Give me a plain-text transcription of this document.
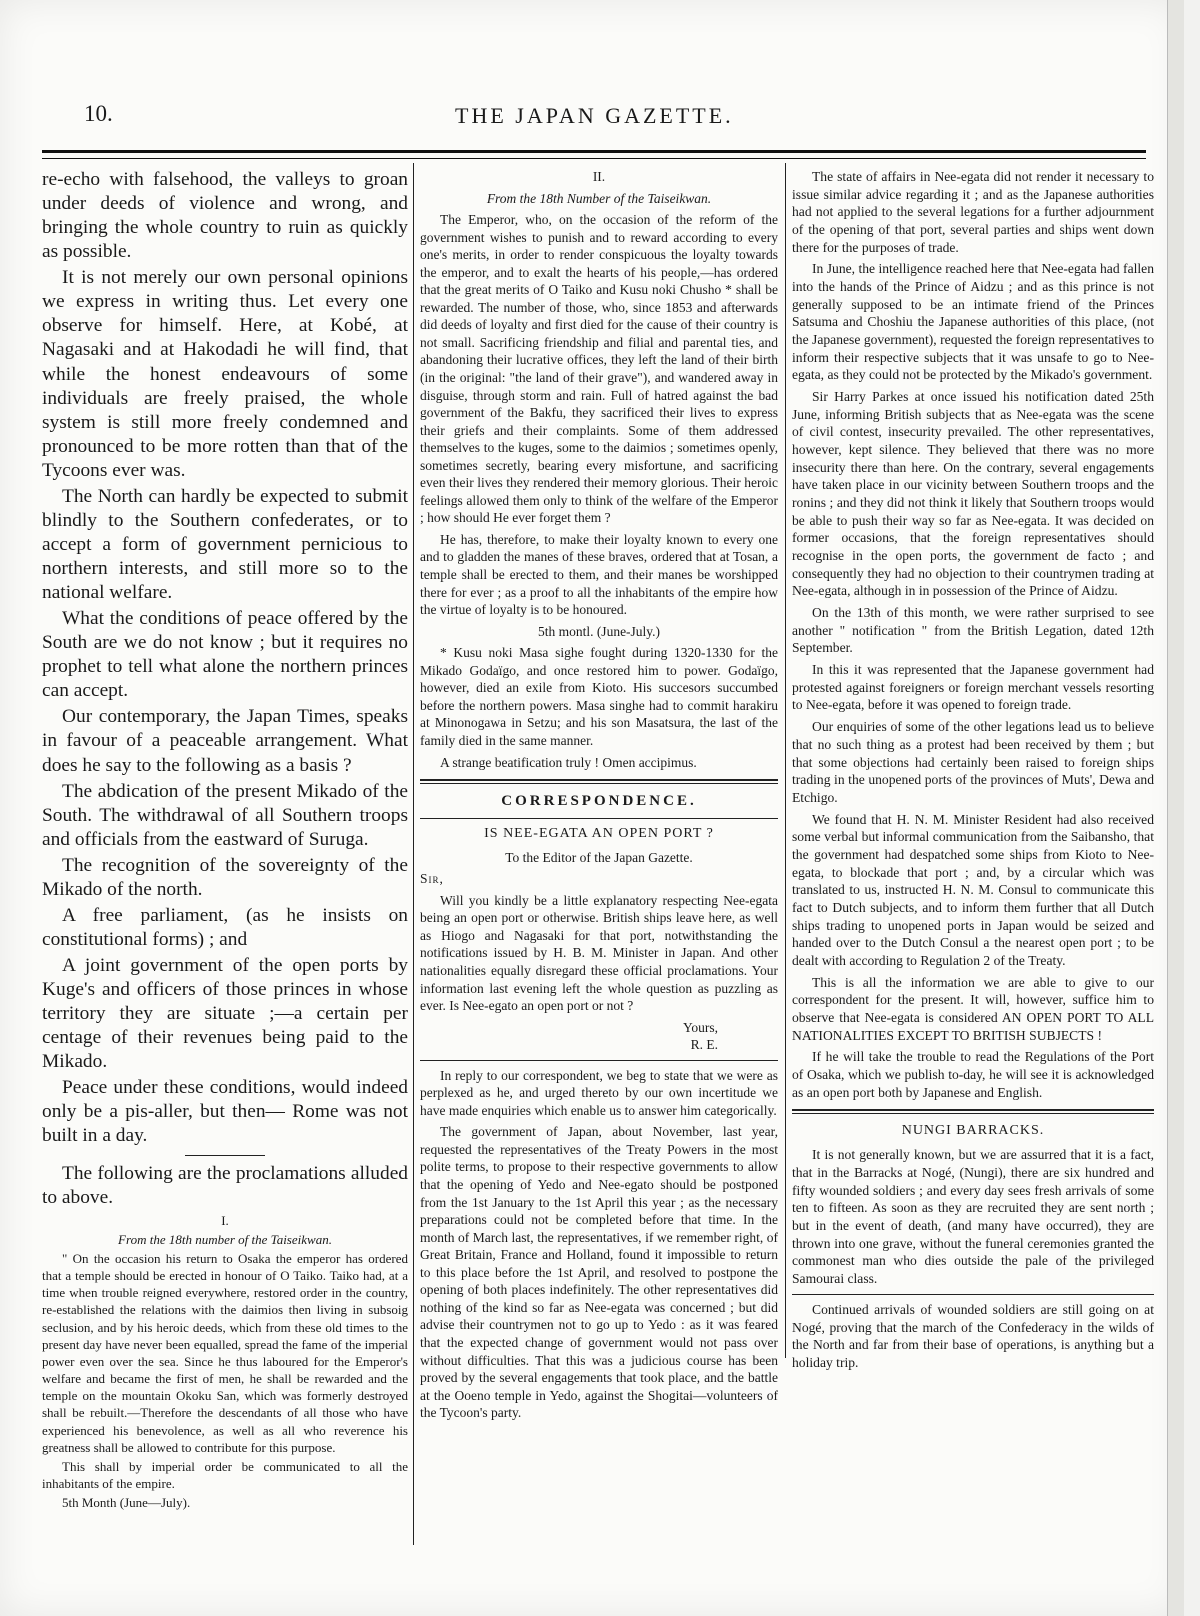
10.	THE JAPAN GAZETTE.

re-echo with falsehood, the valleys to groan under deeds of violence and wrong, and bringing the whole country to ruin as quickly as possible.

It is not merely our own personal opinions we express in writing thus. Let every one observe for himself. Here, at Kobé, at Nagasaki and at Hakodadi he will find, that while the honest endeavours of some individuals are freely praised, the whole system is still more freely condemned and pronounced to be more rotten than that of the Tycoons ever was.

The North can hardly be expected to submit blindly to the Southern confederates, or to accept a form of government pernicious to northern interests, and still more so to the national welfare.

What the conditions of peace offered by the South are we do not know ; but it requires no prophet to tell what alone the northern princes can accept.

Our contemporary, the Japan Times, speaks in favour of a peaceable arrangement. What does he say to the following as a basis ?

The abdication of the present Mikado of the South. The withdrawal of all Southern troops and officials from the eastward of Suruga.

The recognition of the sovereignty of the Mikado of the north.

A free parliament, (as he insists on constitutional forms) ; and

A joint government of the open ports by Kuge's and officers of those princes in whose territory they are situate ;—a certain per centage of their revenues being paid to the Mikado.

Peace under these conditions, would indeed only be a pis-aller, but then— Rome was not built in a day.

The following are the proclamations alluded to above.

I.

From the 18th number of the Taiseikwan.

" On the occasion his return to Osaka the emperor has ordered that a temple should be erected in honour of O Taiko. Taiko had, at a time when trouble reigned everywhere, restored order in the country, re-established the relations with the daimios then living in subsoig seclusion, and by his heroic deeds, which from these old times to the present day have never been equalled, spread the fame of the imperial power even over the sea. Since he thus laboured for the Emperor's welfare and became the first of men, he shall be rewarded and the temple on the mountain Okoku San, which was formerly destroyed shall be rebuilt.—Therefore the descendants of all those who have experienced his benevolence, as well as all who reverence his greatness shall be allowed to contribute for this purpose.

This shall by imperial order be communicated to all the inhabitants of the empire.

5th Month (June—July).

II.

From the 18th Number of the Taiseikwan.

The Emperor, who, on the occasion of the reform of the government wishes to punish and to reward according to every one's merits, in order to render conspicuous the loyalty towards the emperor, and to exalt the hearts of his people,—has ordered that the great merits of O Taiko and Kusu noki Chusho * shall be rewarded. The number of those, who, since 1853 and afterwards did deeds of loyalty and first died for the cause of their country is not small. Sacrificing friendship and filial and parental ties, and abandoning their lucrative offices, they left the land of their birth (in the original: "the land of their grave"), and wandered away in disguise, through storm and rain. Full of hatred against the bad government of the Bakfu, they sacrificed their lives to express their griefs and their complaints. Some of them addressed themselves to the kuges, some to the daimios ; sometimes openly, sometimes secretly, bearing every misfortune, and sacrificing even their lives they rendered their memory glorious. Their heroic feelings allowed them only to think of the welfare of the Emperor ; how should He ever forget them ?

He has, therefore, to make their loyalty known to every one and to gladden the manes of these braves, ordered that at Tosan, a temple shall be erected to them, and their manes be worshipped there for ever ; as a proof to all the inhabitants of the empire how the virtue of loyalty is to be honoured.

5th montl. (June-July.)

* Kusu noki Masa sighe fought during 1320-1330 for the Mikado Godaïgo, and once restored him to power. Godaïgo, however, died an exile from Kioto. His succesors succumbed before the northern powers. Masa singhe had to commit harakiru at Minonogawa in Setzu; and his son Masatsura, the last of the family died in the same manner.

A strange beatification truly ! Omen accipimus.

CORRESPONDENCE.

IS NEE-EGATA AN OPEN PORT ?

To the Editor of the Japan Gazette.

Sir,

Will you kindly be a little explanatory respecting Nee-egata being an open port or otherwise. British ships leave here, as well as Hiogo and Nagasaki for that port, notwithstanding the notifications issued by H. B. M. Minister in Japan. And other nationalities equally disregard these official proclamations. Your information last evening left the whole question as puzzling as ever. Is Nee-egato an open port or not ?

Yours,

R. E.

In reply to our correspondent, we beg to state that we were as perplexed as he, and urged thereto by our own incertitude we have made enquiries which enable us to answer him categorically.

The government of Japan, about November, last year, requested the representatives of the Treaty Powers in the most polite terms, to propose to their respective governments to allow that the opening of Yedo and Nee-egato should be postponed from the 1st January to the 1st April this year ; as the necessary preparations could not be completed before that time. In the month of March last, the representatives, if we remember right, of Great Britain, France and Holland, found it impossible to return to this place before the 1st April, and resolved to postpone the opening of both places indefinitely. The other representatives did nothing of the kind so far as Nee-egata was concerned ; but did advise their countrymen not to go up to Yedo : as it was feared that the expected change of government would not pass over without difficulties. That this was a judicious course has been proved by the several engagements that took place, and the battle at the Ooeno temple in Yedo, against the Shogitai—volunteers of the Tycoon's party.

The state of affairs in Nee-egata did not render it necessary to issue similar advice regarding it ; and as the Japanese authorities had not applied to the several legations for a further adjournment of the opening of that port, several parties and ships went down there for the purposes of trade.

In June, the intelligence reached here that Nee-egata had fallen into the hands of the Prince of Aidzu ; and as this prince is not generally supposed to be an intimate friend of the Princes Satsuma and Choshiu the Japanese authorities of this place, (not the Japanese government), requested the foreign representatives to inform their respective subjects that it was unsafe to go to Nee-egata, as they could not be protected by the Mikado's government.

Sir Harry Parkes at once issued his notification dated 25th June, informing British subjects that as Nee-egata was the scene of civil contest, insecurity prevailed. The other representatives, however, kept silence. They believed that there was no more insecurity there than here. On the contrary, several engagements have taken place in our vicinity between Southern troops and the ronins ; and they did not think it likely that Southern troops would be able to push their way so far as Nee-egata. It was decided on former occasions, that the foreign representatives should recognise in the open ports, the government de facto ; and consequently they had no objection to their countrymen trading at Nee-egata, although in in possession of the Prince of Aidzu.

On the 13th of this month, we were rather surprised to see another " notification " from the British Legation, dated 12th September.

In this it was represented that the Japanese government had protested against foreigners or foreign merchant vessels resorting to Nee-egata, before it was opened to foreign trade.

Our enquiries of some of the other legations lead us to believe that no such thing as a protest had been received by them ; but that some objections had certainly been raised to foreign ships trading in the unopened ports of the provinces of Muts', Dewa and Etchigo.

We found that H. N. M. Minister Resident had also received some verbal but informal communication from the Saibansho, that the government had despatched some ships from Kioto to Nee-egata, to blockade that port ; and, by a circular which was translated to us, instructed H. N. M. Consul to communicate this fact to Dutch subjects, and to inform them further that all Dutch ships trading to unopened ports in Japan would be seized and handed over to the Dutch Consul a the nearest open port ; to be dealt with according to Regulation 2 of the Treaty.

This is all the information we are able to give to our correspondent for the present. It will, however, suffice him to observe that Nee-egata is considered AN OPEN PORT TO ALL NATIONALITIES EXCEPT TO BRITISH SUBJECTS !

If he will take the trouble to read the Regulations of the Port of Osaka, which we publish to-day, he will see it is acknowledged as an open port both by Japanese and English.

NUNGI BARRACKS.

It is not generally known, but we are assurred that it is a fact, that in the Barracks at Nogé, (Nungi), there are six hundred and fifty wounded soldiers ; and every day sees fresh arrivals of some ten to fifteen. As soon as they are recruited they are sent north ; but in the event of death, (and many have occurred), they are thrown into one grave, without the funeral ceremonies granted the commonest man who dies outside the pale of the privileged Samourai class.

Continued arrivals of wounded soldiers are still going on at Nogé, proving that the march of the Confederacy in the wilds of the North and far from their base of operations, is anything but a holiday trip.
